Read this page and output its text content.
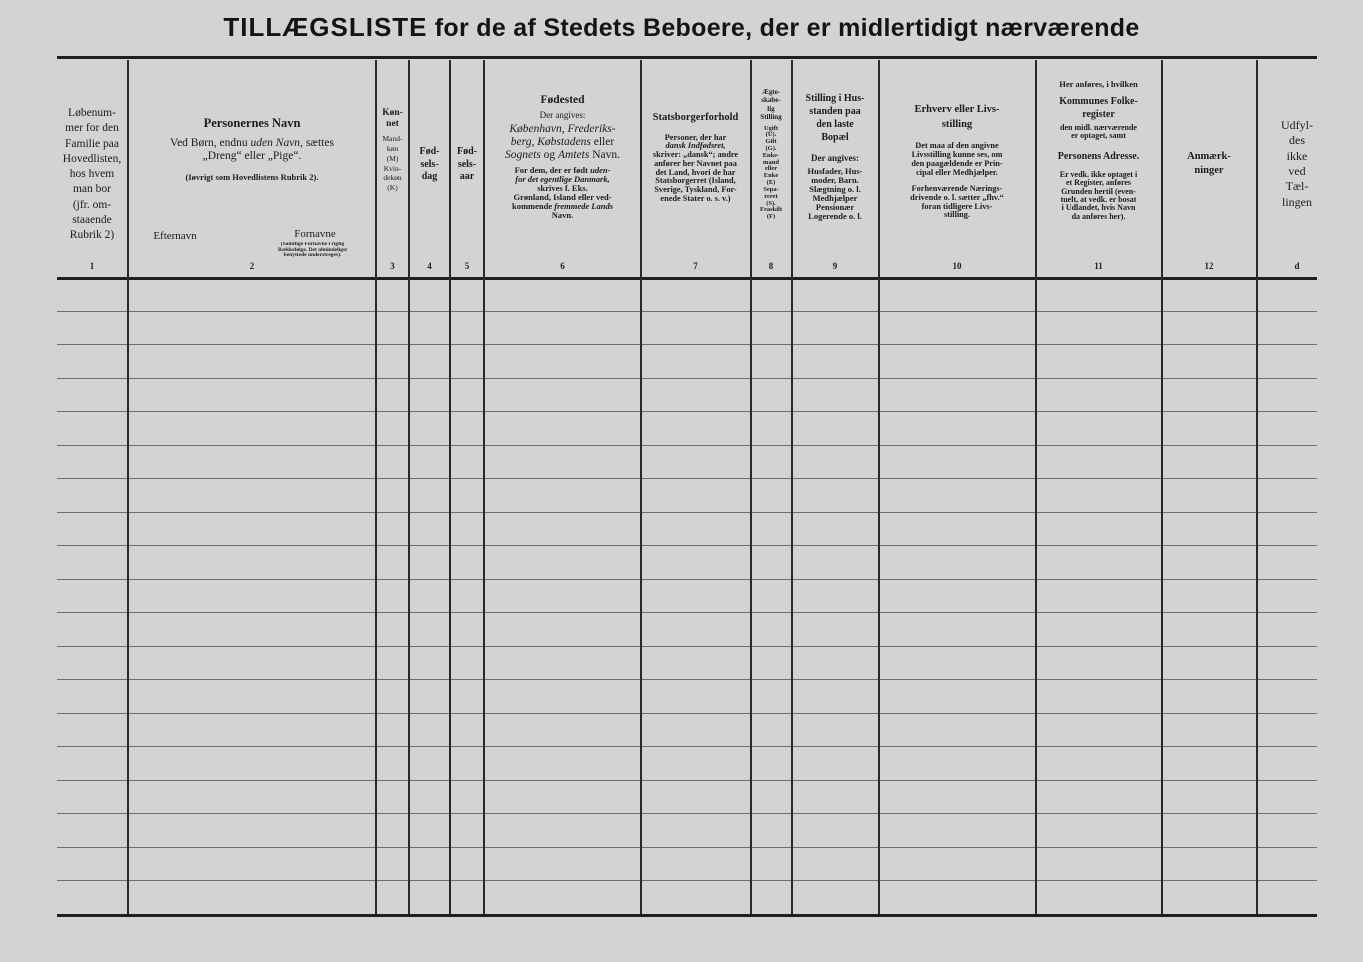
TILLÆGSLISTE for de af Stedets Beboere, der er midlertidigt nærværende
Løbenum-
mer for den
Familie paa
Hovedlisten,
hos hvem
man bor
(jfr. om-
staaende
Rubrik 2)
1
Personernes Navn
Ved Børn, endnu uden Navn, sættes
„Dreng“ eller „Pige“.
(Iøvrigt som Hovedlistens Rubrik 2).
Efternavn	Fornavne
(Samtlige Fornavne i rigtig
Rækkefølge. Det almindeligst
benyttede understreges).
2
Køn-
net
Mand-
køn
(M)
Kvin-
dekøn
(K)
3
Fød-
sels-
dag
4
Fød-
sels-
aar
5
Fødested
Der angives:
København, Frederiks-
berg, Købstadens eller
Sognets og Amtets Navn.
For dem, der er født uden-
for det egentlige Danmark,
skrives f. Eks.
Grønland, Island eller ved-
kommende fremmede Lands
Navn.
6
Statsborgerforhold
Personer, der har
dansk Indfødsret,
skriver: „dansk“; andre
anfører her Navnet paa
det Land, hvori de har
Statsborgerret (Island,
Sverige, Tyskland, For-
enede Stater o. s. v.)
7
Ægte-
skabe-
lig
Stilling
Ugift
(U).
Gift
(G).
Enke-
mand
eller
Enke
(E)
Sepa-
reret
(S).
Fraskilt
(F)
8
Stilling i Hus-
standen paa
den laste
Bopæl
Der angives:
Husfader, Hus-
moder, Barn.
Slægtning o. l.
Medhjælper
Pensionær
Logerende o. l.
9
Erhverv eller Livs-
stilling
Det maa af den angivne
Livsstilling kunne ses, om
den paagældende er Prin-
cipal eller Medhjælper.
Forhenværende Nærings-
drivende o. l. sætter „fhv.“
foran tidligere Livs-
stilling.
10
Her anføres, i hvilken
Kommunes Folke-
register
den midl. nærværende
er optaget, samt
Personens Adresse.
Er vedk. ikke optaget i
et Register, anføres
Grunden hertil (even-
tuelt, at vedk. er bosat
i Udlandet, hvis Navn
da anføres her).
11
Anmærk-
ninger
12
Udfyl-
des
ikke
ved
Tæl-
lingen
d
